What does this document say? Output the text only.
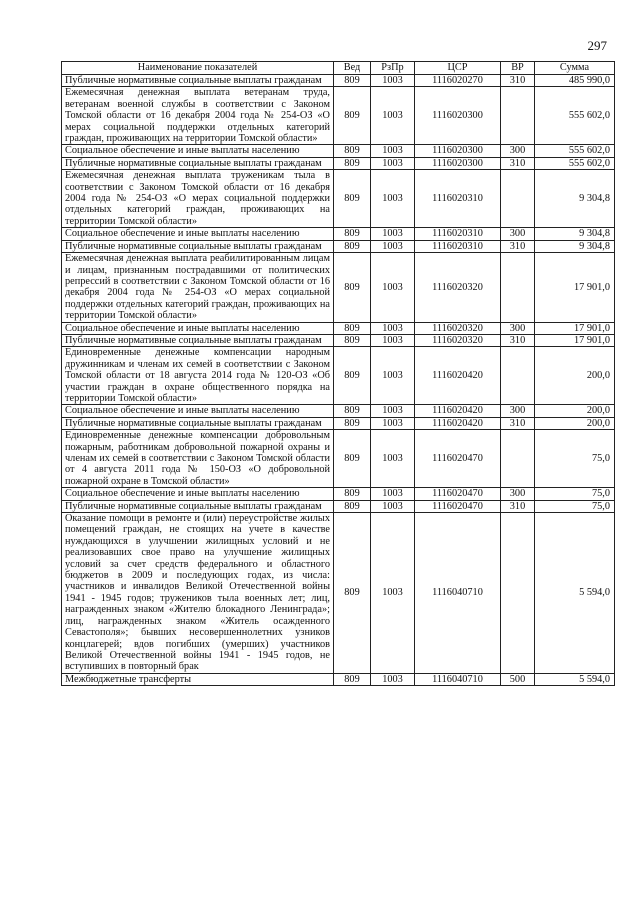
297
Наименование показателей	Вед	РзПр	ЦСР	ВР	Сумма
Публичные нормативные социальные выплаты гражданам	809	1003	1116020270	310	485 990,0
Ежемесячная денежная выплата ветеранам труда, ветеранам военной службы в соответствии с Законом Томской области от 16 декабря 2004 года № 254-ОЗ «О мерах социальной поддержки отдельных категорий граждан, проживающих на территории Томской области»	809	1003	1116020300		555 602,0
Социальное обеспечение и иные выплаты населению	809	1003	1116020300	300	555 602,0
Публичные нормативные социальные выплаты гражданам	809	1003	1116020300	310	555 602,0
Ежемесячная денежная выплата труженикам тыла в соответствии с Законом Томской области от 16 декабря 2004 года № 254-ОЗ «О мерах социальной поддержки отдельных категорий граждан, проживающих на территории Томской области»	809	1003	1116020310		9 304,8
Социальное обеспечение и иные выплаты населению	809	1003	1116020310	300	9 304,8
Публичные нормативные социальные выплаты гражданам	809	1003	1116020310	310	9 304,8
Ежемесячная денежная выплата реабилитированным лицам и лицам, признанным пострадавшими от политических репрессий в соответствии с Законом Томской области от 16 декабря 2004 года № 254-ОЗ «О мерах социальной поддержки отдельных категорий граждан, проживающих на территории Томской области»	809	1003	1116020320		17 901,0
Социальное обеспечение и иные выплаты населению	809	1003	1116020320	300	17 901,0
Публичные нормативные социальные выплаты гражданам	809	1003	1116020320	310	17 901,0
Единовременные денежные компенсации народным дружинникам и членам их семей в соответствии с Законом Томской области от 18 августа 2014 года № 120-ОЗ «Об участии граждан в охране общественного порядка на территории Томской области»	809	1003	1116020420		200,0
Социальное обеспечение и иные выплаты населению	809	1003	1116020420	300	200,0
Публичные нормативные социальные выплаты гражданам	809	1003	1116020420	310	200,0
Единовременные денежные компенсации добровольным пожарным, работникам добровольной пожарной охраны и членам их семей в соответствии с Законом Томской области от 4 августа 2011 года № 150-ОЗ «О добровольной пожарной охране в Томской области»	809	1003	1116020470		75,0
Социальное обеспечение и иные выплаты населению	809	1003	1116020470	300	75,0
Публичные нормативные социальные выплаты гражданам	809	1003	1116020470	310	75,0
Оказание помощи в ремонте и (или) переустройстве жилых помещений граждан, не стоящих на учете в качестве нуждающихся в улучшении жилищных условий и не реализовавших свое право на улучшение жилищных условий за счет средств федерального и областного бюджетов в 2009 и последующих годах, из числа: участников и инвалидов Великой Отечественной войны 1941 - 1945 годов; тружеников тыла военных лет; лиц, награжденных знаком «Жителю блокадного Ленинграда»; лиц, награжденных знаком «Житель осажденного Севастополя»; бывших несовершеннолетних узников концлагерей; вдов погибших (умерших) участников Великой Отечественной войны 1941 - 1945 годов, не вступивших в повторный брак	809	1003	1116040710		5 594,0
Межбюджетные трансферты	809	1003	1116040710	500	5 594,0
